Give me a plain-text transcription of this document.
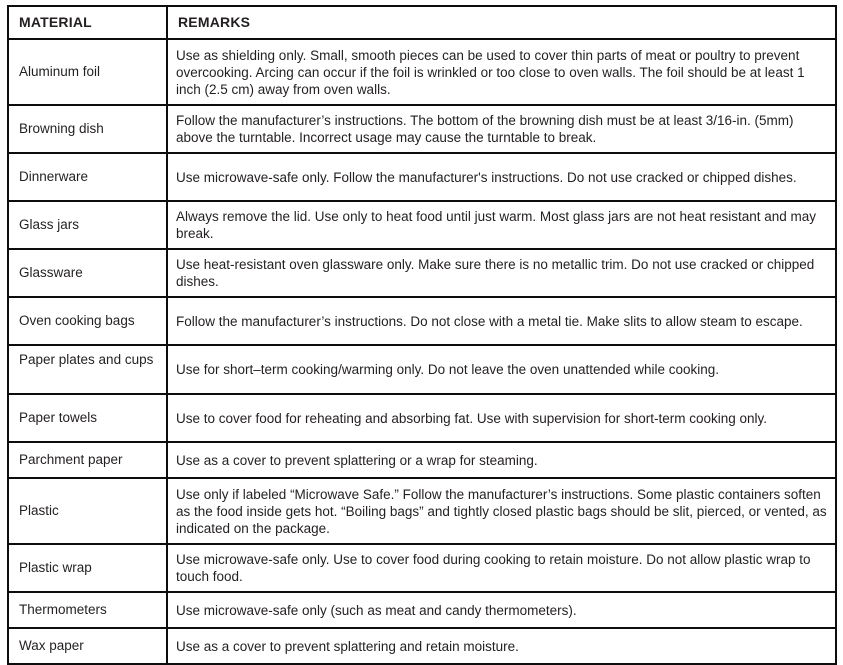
MATERIAL	REMARKS
Aluminum foil	Use as shielding only. Small, smooth pieces can be used to cover thin parts of meat or poultry to prevent overcooking. Arcing can occur if the foil is wrinkled or too close to oven walls. The foil should be at least 1 inch (2.5 cm) away from oven walls.
Browning dish	Follow the manufacturer’s instructions. The bottom of the browning dish must be at least 3/16-in. (5mm) above the turntable. Incorrect usage may cause the turntable to break.
Dinnerware	Use microwave-safe only. Follow the manufacturer's instructions. Do not use cracked or chipped dishes.
Glass jars	Always remove the lid. Use only to heat food until just warm. Most glass jars are not heat resistant and may break.
Glassware	Use heat-resistant oven glassware only. Make sure there is no metallic trim. Do not use cracked or chipped dishes.
Oven cooking bags	Follow the manufacturer’s instructions. Do not close with a metal tie. Make slits to allow steam to escape.
Paper plates and cups	Use for short–term cooking/warming only. Do not leave the oven unattended while cooking.
Paper towels	Use to cover food for reheating and absorbing fat. Use with supervision for short-term cooking only.
Parchment paper	Use as a cover to prevent splattering or a wrap for steaming.
Plastic	Use only if labeled “Microwave Safe.” Follow the manufacturer’s instructions. Some plastic containers soften as the food inside gets hot. “Boiling bags” and tightly closed plastic bags should be slit, pierced, or vented, as indicated on the package.
Plastic wrap	Use microwave-safe only. Use to cover food during cooking to retain moisture. Do not allow plastic wrap to touch food.
Thermometers	Use microwave-safe only (such as meat and candy thermometers).
Wax paper	Use as a cover to prevent splattering and retain moisture.
